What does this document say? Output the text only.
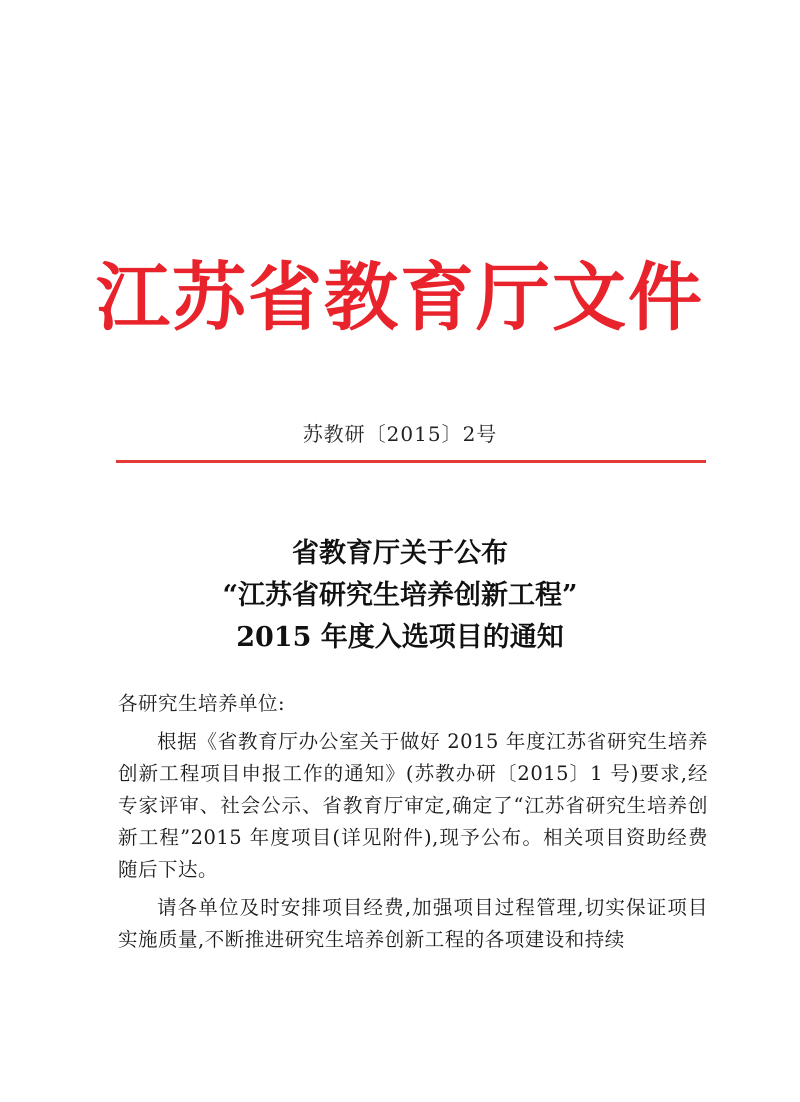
江苏省教育厅文件
苏教研〔2015〕2号
省教育厅关于公布
“江苏省研究生培养创新工程”
2015 年度入选项目的通知

各研究生培养单位:

根据《省教育厅办公室关于做好 2015 年度江苏省研究生培养创新工程项目申报工作的通知》(苏教办研〔2015〕1 号)要求,经专家评审、社会公示、省教育厅审定,确定了“江苏省研究生培养创新工程”2015 年度项目(详见附件),现予公布。相关项目资助经费随后下达。

请各单位及时安排项目经费,加强项目过程管理,切实保证项目实施质量,不断推进研究生培养创新工程的各项建设和持续
